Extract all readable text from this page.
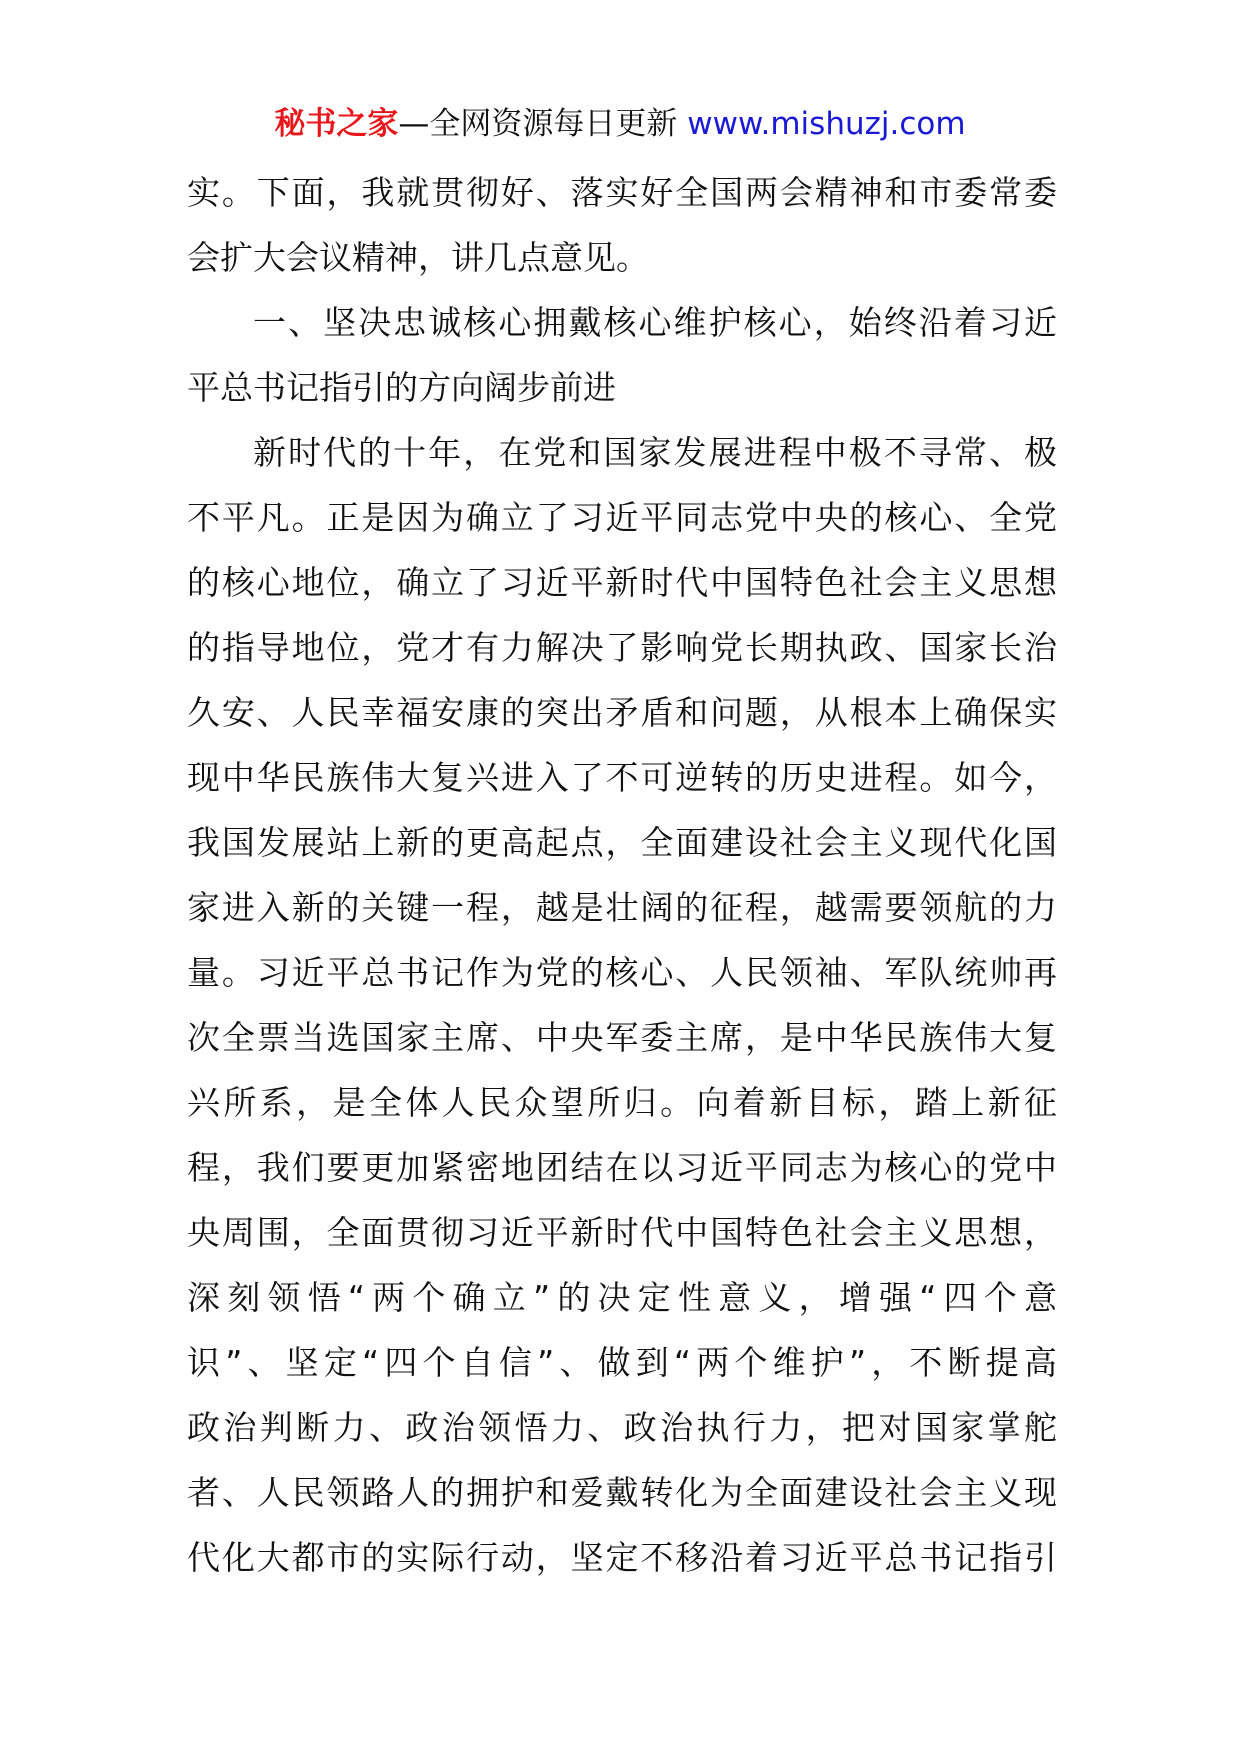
秘书之家—全网资源每日更新 www.mishuzj.com
实。下面，我就贯彻好、落实好全国两会精神和市委常委
会扩大会议精神，讲几点意见。
一、坚决忠诚核心拥戴核心维护核心，始终沿着习近
平总书记指引的方向阔步前进
新时代的十年，在党和国家发展进程中极不寻常、极
不平凡。正是因为确立了习近平同志党中央的核心、全党
的核心地位，确立了习近平新时代中国特色社会主义思想
的指导地位，党才有力解决了影响党长期执政、国家长治
久安、人民幸福安康的突出矛盾和问题，从根本上确保实
现中华民族伟大复兴进入了不可逆转的历史进程。如今，
我国发展站上新的更高起点，全面建设社会主义现代化国
家进入新的关键一程，越是壮阔的征程，越需要领航的力
量。习近平总书记作为党的核心、人民领袖、军队统帅再
次全票当选国家主席、中央军委主席，是中华民族伟大复
兴所系，是全体人民众望所归。向着新目标，踏上新征
程，我们要更加紧密地团结在以习近平同志为核心的党中
央周围，全面贯彻习近平新时代中国特色社会主义思想，
深刻领悟“两个确立”的决定性意义，增强“四个意
识”、坚定“四个自信”、做到“两个维护”，不断提高
政治判断力、政治领悟力、政治执行力，把对国家掌舵
者、人民领路人的拥护和爱戴转化为全面建设社会主义现
代化大都市的实际行动，坚定不移沿着习近平总书记指引
